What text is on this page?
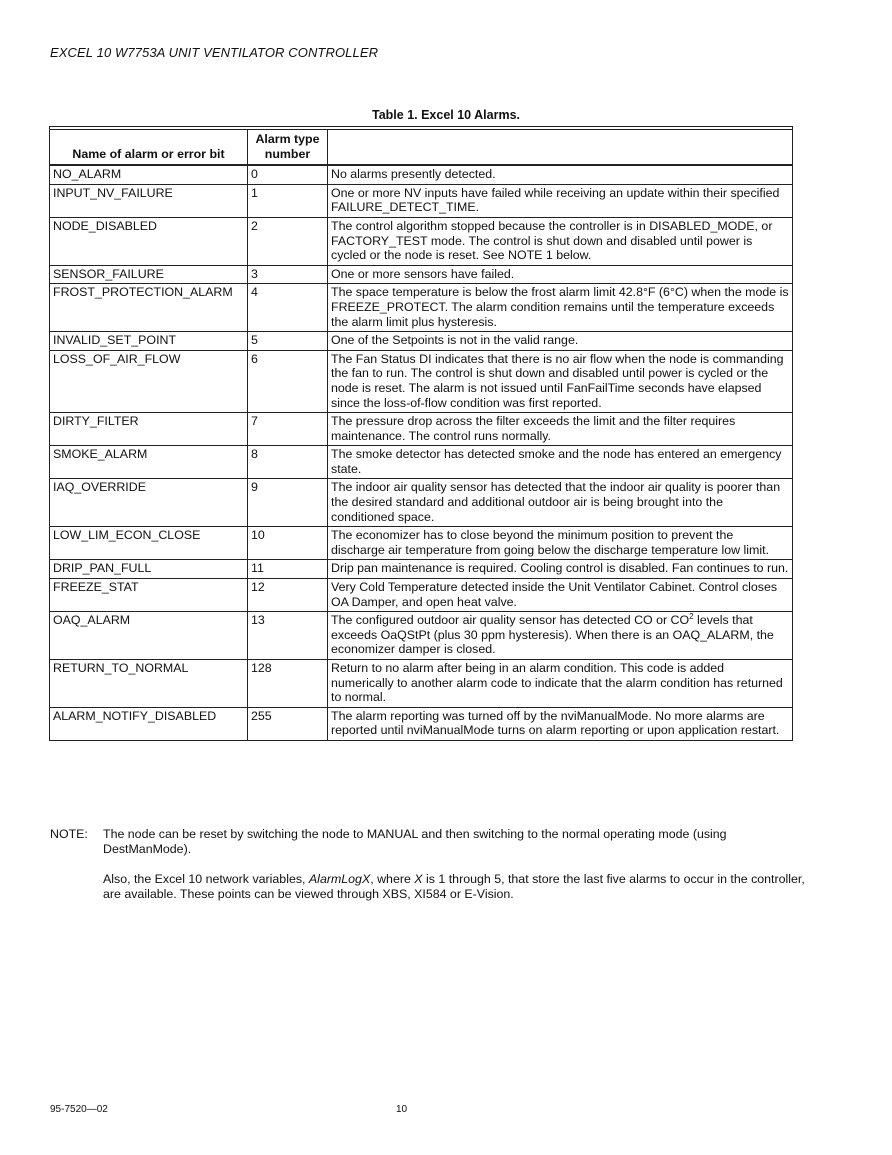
EXCEL 10 W7753A UNIT VENTILATOR CONTROLLER
Table 1. Excel 10 Alarms.

Name of alarm or error bit	Alarm type number	
NO_ALARM	0	No alarms presently detected.
INPUT_NV_FAILURE	1	One or more NV inputs have failed while receiving an update within their specified FAILURE_DETECT_TIME.
NODE_DISABLED	2	The control algorithm stopped because the controller is in DISABLED_MODE, or FACTORY_TEST mode. The control is shut down and disabled until power is cycled or the node is reset. See NOTE 1 below.
SENSOR_FAILURE	3	One or more sensors have failed.
FROST_PROTECTION_ALARM	4	The space temperature is below the frost alarm limit 42.8°F (6°C) when the mode is FREEZE_PROTECT. The alarm condition remains until the temperature exceeds the alarm limit plus hysteresis.
INVALID_SET_POINT	5	One of the Setpoints is not in the valid range.
LOSS_OF_AIR_FLOW	6	The Fan Status DI indicates that there is no air flow when the node is commanding the fan to run. The control is shut down and disabled until power is cycled or the node is reset. The alarm is not issued until FanFailTime seconds have elapsed since the loss-of-flow condition was first reported.
DIRTY_FILTER	7	The pressure drop across the filter exceeds the limit and the filter requires maintenance. The control runs normally.
SMOKE_ALARM	8	The smoke detector has detected smoke and the node has entered an emergency state.
IAQ_OVERRIDE	9	The indoor air quality sensor has detected that the indoor air quality is poorer than the desired standard and additional outdoor air is being brought into the conditioned space.
LOW_LIM_ECON_CLOSE	10	The economizer has to close beyond the minimum position to prevent the discharge air temperature from going below the discharge temperature low limit.
DRIP_PAN_FULL	11	Drip pan maintenance is required. Cooling control is disabled. Fan continues to run.
FREEZE_STAT	12	Very Cold Temperature detected inside the Unit Ventilator Cabinet. Control closes OA Damper, and open heat valve.
OAQ_ALARM	13	The configured outdoor air quality sensor has detected CO or $CO^2$ levels that exceeds OaQStPt (plus 30 ppm hysteresis). When there is an OAQ_ALARM, the economizer damper is closed.
RETURN_TO_NORMAL	128	Return to no alarm after being in an alarm condition. This code is added numerically to another alarm code to indicate that the alarm condition has returned to normal.
ALARM_NOTIFY_DISABLED	255	The alarm reporting was turned off by the nviManualMode. No more alarms are reported until nviManualMode turns on alarm reporting or upon application restart.
NOTE:	The node can be reset by switching the node to MANUAL and then switching to the normal operating mode (using DestManMode).
Also, the Excel 10 network variables, AlarmLogX, where X is 1 through 5, that store the last five alarms to occur in the controller, are available. These points can be viewed through XBS, XI584 or E-Vision.
95-7520—02	10
